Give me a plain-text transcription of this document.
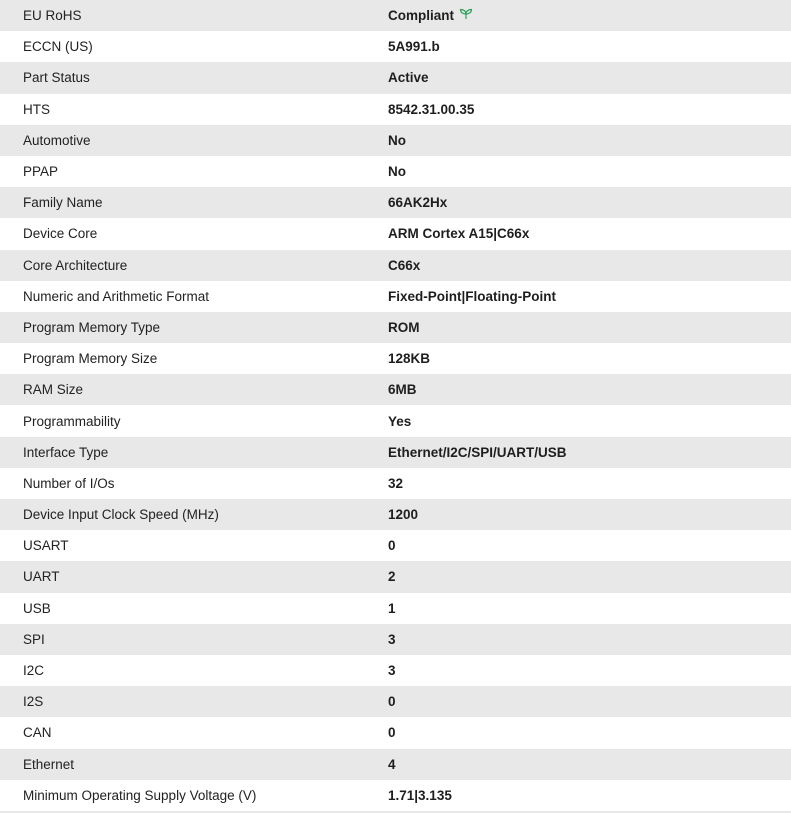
EU RoHS	Compliant
ECCN (US)	5A991.b
Part Status	Active
HTS	8542.31.00.35
Automotive	No
PPAP	No
Family Name	66AK2Hx
Device Core	ARM Cortex A15|C66x
Core Architecture	C66x
Numeric and Arithmetic Format	Fixed-Point|Floating-Point
Program Memory Type	ROM
Program Memory Size	128KB
RAM Size	6MB
Programmability	Yes
Interface Type	Ethernet/I2C/SPI/UART/USB
Number of I/Os	32
Device Input Clock Speed (MHz)	1200
USART	0
UART	2
USB	1
SPI	3
I2C	3
I2S	0
CAN	0
Ethernet	4
Minimum Operating Supply Voltage (V)	1.71|3.135
